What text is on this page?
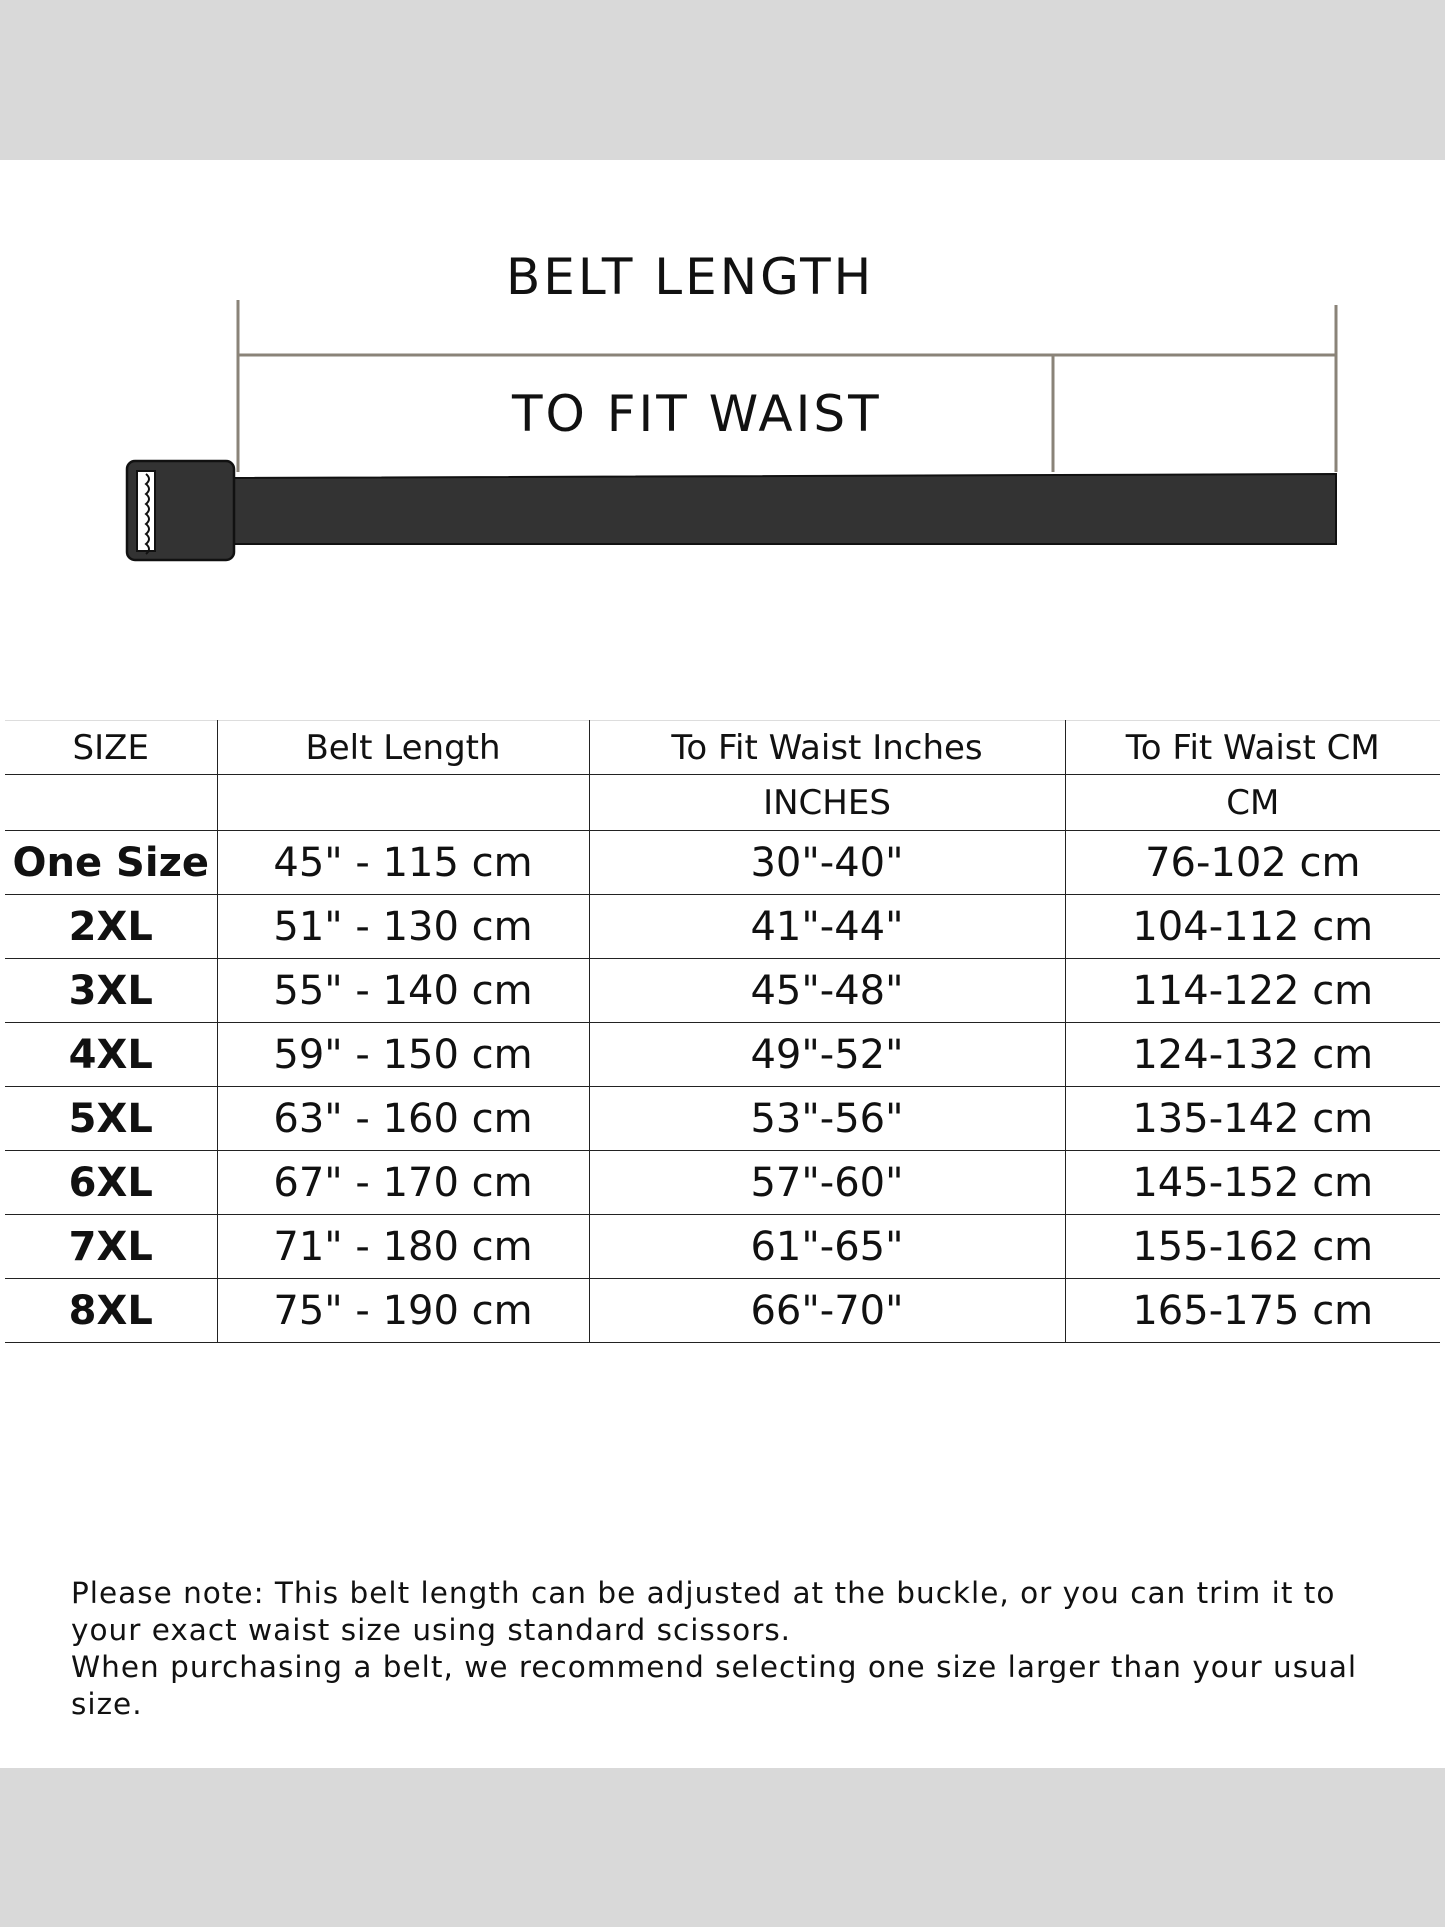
BELT LENGTH
TO FIT WAIST
SIZE	Belt Length	To Fit Waist Inches	To Fit Waist CM
		INCHES	CM
One Size	45" - 115 cm	30"-40"	76-102 cm
2XL	51" - 130 cm	41"-44"	104-112 cm
3XL	55" - 140 cm	45"-48"	114-122 cm
4XL	59" - 150 cm	49"-52"	124-132 cm
5XL	63" - 160 cm	53"-56"	135-142 cm
6XL	67" - 170 cm	57"-60"	145-152 cm
7XL	71" - 180 cm	61"-65"	155-162 cm
8XL	75" - 190 cm	66"-70"	165-175 cm

Please note: This belt length can be adjusted at the buckle, or you can trim it to your exact waist size using standard scissors.

When purchasing a belt, we recommend selecting one size larger than your usual size.
